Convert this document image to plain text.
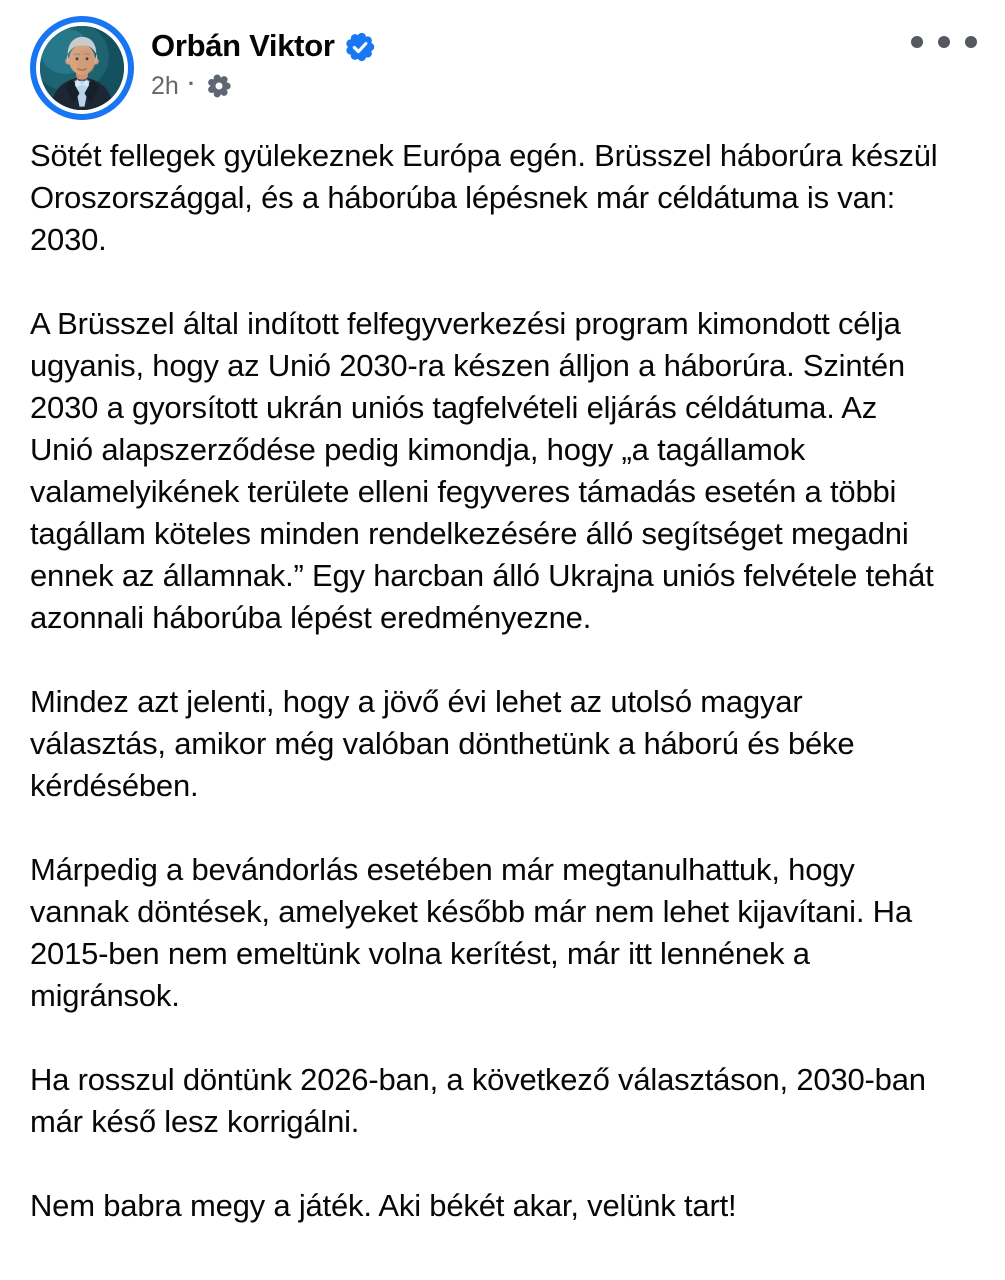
Orbán Viktor
2h ·

Sötét fellegek gyülekeznek Európa egén. Brüsszel háborúra készül Oroszországgal, és a háborúba lépésnek már céldátuma is van: 2030.

A Brüsszel által indított felfegyverkezési program kimondott célja ugyanis, hogy az Unió 2030-ra készen álljon a háborúra. Szintén 2030 a gyorsított ukrán uniós tagfelvételi eljárás céldátuma. Az Unió alapszerződése pedig kimondja, hogy „a tagállamok valamelyikének területe elleni fegyveres támadás esetén a többi tagállam köteles minden rendelkezésére álló segítséget megadni ennek az államnak.” Egy harcban álló Ukrajna uniós felvétele tehát azonnali háborúba lépést eredményezne.

Mindez azt jelenti, hogy a jövő évi lehet az utolsó magyar választás, amikor még valóban dönthetünk a háború és béke kérdésében.

Márpedig a bevándorlás esetében már megtanulhattuk, hogy vannak döntések, amelyeket később már nem lehet kijavítani. Ha 2015-ben nem emeltünk volna kerítést, már itt lennének a migránsok.

Ha rosszul döntünk 2026-ban, a következő választáson, 2030-ban már késő lesz korrigálni.

Nem babra megy a játék. Aki békét akar, velünk tart!
